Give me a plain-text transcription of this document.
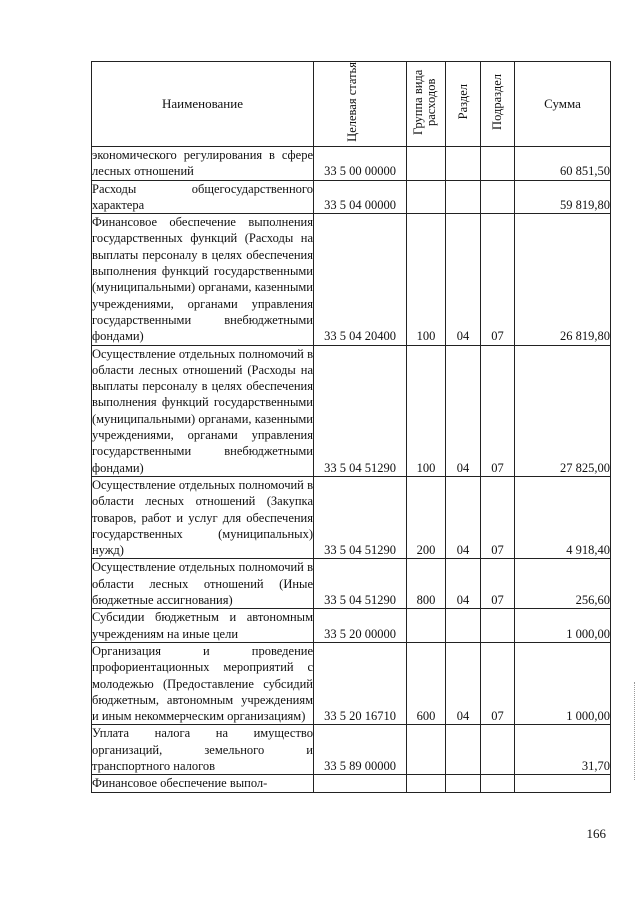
Наименование	Целевая статья	Группа вида расходов	Раздел	Подраздел	Сумма
экономического регулирования в сфере лесных отношений	33 5 00 00000				60 851,50
Расходы общегосударственного характера	33 5 04 00000				59 819,80
Финансовое обеспечение выполнения государственных функций (Расходы на выплаты персоналу в целях обеспечения выполнения функций государственными (муниципальными) органами, казенными учреждениями, органами управления государственными внебюджетными фондами)	33 5 04 20400	100	04	07	26 819,80
Осуществление отдельных полномочий в области лесных отношений (Расходы на выплаты персоналу в целях обеспечения выполнения функций государственными (муниципальными) органами, казенными учреждениями, органами управления государственными внебюджетными фондами)	33 5 04 51290	100	04	07	27 825,00
Осуществление отдельных полномочий в области лесных отношений (Закупка товаров, работ и услуг для обеспечения государственных (муниципальных) нужд)	33 5 04 51290	200	04	07	4 918,40
Осуществление отдельных полномочий в области лесных отношений (Иные бюджетные ассигнования)	33 5 04 51290	800	04	07	256,60
Субсидии бюджетным и автономным учреждениям на иные цели	33 5 20 00000				1 000,00
Организация и проведение профориентационных мероприятий с молодежью (Предоставление субсидий бюджетным, автономным учреждениям и иным некоммерческим организациям)	33 5 20 16710	600	04	07	1 000,00
Уплата налога на имущество организаций, земельного и транспортного налогов	33 5 89 00000				31,70
Финансовое обеспечение выпол-					
166
